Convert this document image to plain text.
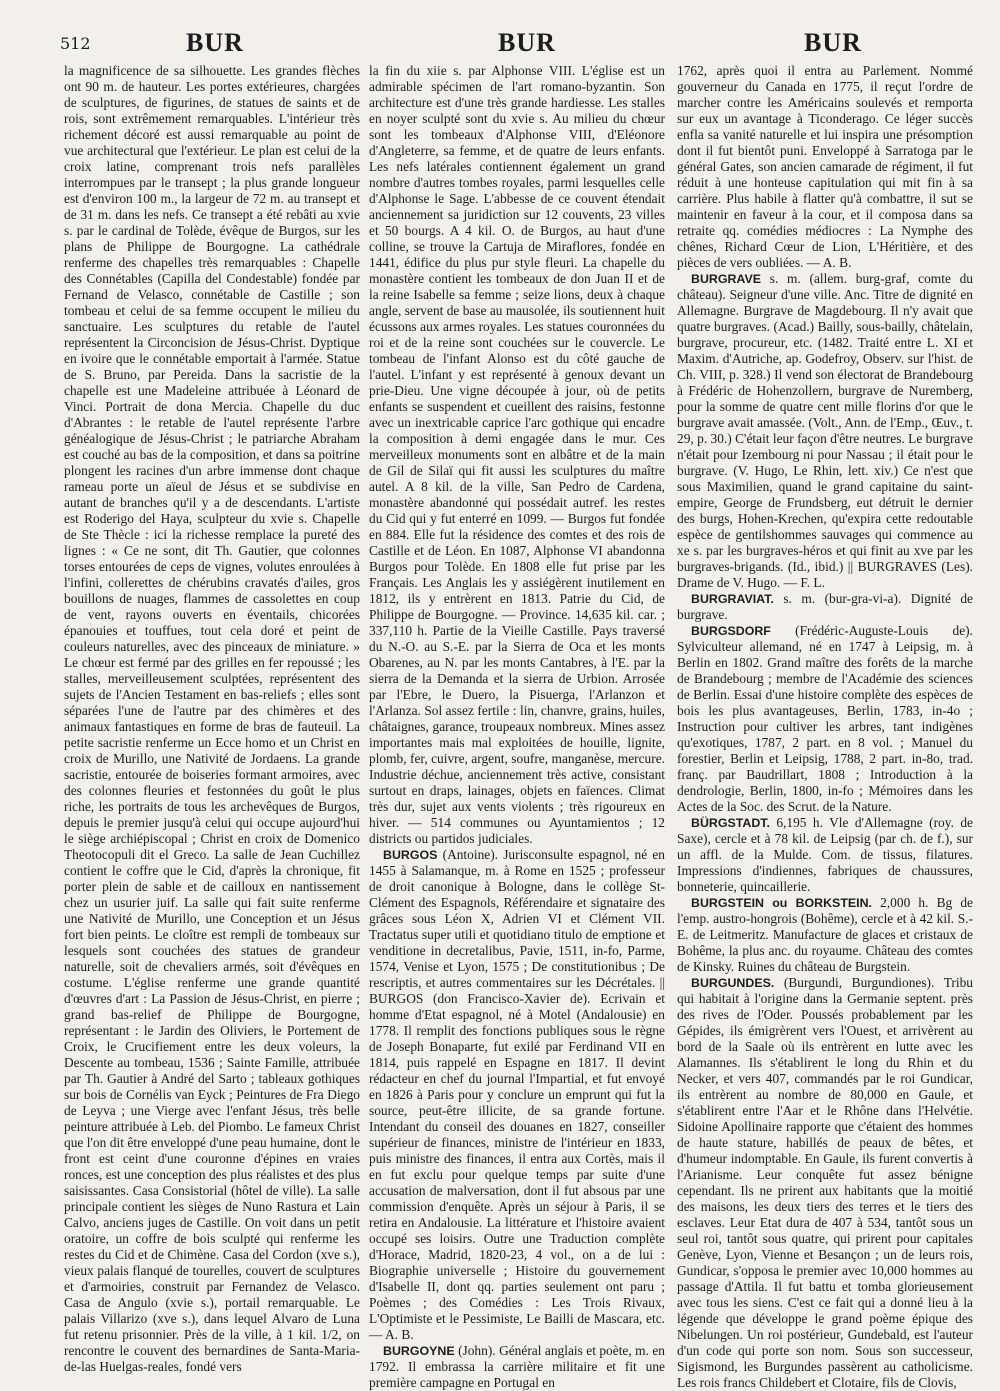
512	BUR	BUR	BUR

la magnificence de sa silhouette. Les grandes flèches ont 90 m. de hauteur. Les portes extérieures, chargées de sculptures, de figurines, de statues de saints et de rois, sont extrêmement remarquables. L'intérieur très richement décoré est aussi remarquable au point de vue architectural que l'extérieur. Le plan est celui de la croix latine, comprenant trois nefs parallèles interrompues par le transept ; la plus grande longueur est d'environ 100 m., la largeur de 72 m. au transept et de 31 m. dans les nefs. Ce transept a été rebâti au xvie s. par le cardinal de Tolède, évêque de Burgos, sur les plans de Philippe de Bourgogne. La cathédrale renferme des chapelles très remarquables : Chapelle des Connétables (Capilla del Condestable) fondée par Fernand de Velasco, connétable de Castille ; son tombeau et celui de sa femme occupent le milieu du sanctuaire. Les sculptures du retable de l'autel représentent la Circoncision de Jésus-Christ. Dyptique en ivoire que le connétable emportait à l'armée. Statue de S. Bruno, par Pereida. Dans la sacristie de la chapelle est une Madeleine attribuée à Léonard de Vinci. Portrait de dona Mercia. Chapelle du duc d'Abrantes : le retable de l'autel représente l'arbre généalogique de Jésus-Christ ; le patriarche Abraham est couché au bas de la composition, et dans sa poitrine plongent les racines d'un arbre immense dont chaque rameau porte un aïeul de Jésus et se subdivise en autant de branches qu'il y a de descendants. L'artiste est Roderigo del Haya, sculpteur du xvie s. Chapelle de Ste Thècle : ici la richesse remplace la pureté des lignes : « Ce ne sont, dit Th. Gautier, que colonnes torses entourées de ceps de vignes, volutes enroulées à l'infini, collerettes de chérubins cravatés d'ailes, gros bouillons de nuages, flammes de cassolettes en coup de vent, rayons ouverts en éventails, chicorées épanouies et touffues, tout cela doré et peint de couleurs naturelles, avec des pinceaux de miniature. » Le chœur est fermé par des grilles en fer repoussé ; les stalles, merveilleusement sculptées, représentent des sujets de l'Ancien Testament en bas-reliefs ; elles sont séparées l'une de l'autre par des chimères et des animaux fantastiques en forme de bras de fauteuil. La petite sacristie renferme un Ecce homo et un Christ en croix de Murillo, une Nativité de Jordaens. La grande sacristie, entourée de boiseries formant armoires, avec des colonnes fleuries et festonnées du goût le plus riche, les portraits de tous les archevêques de Burgos, depuis le premier jusqu'à celui qui occupe aujourd'hui le siège archiépiscopal ; Christ en croix de Domenico Theotocopuli dit el Greco. La salle de Jean Cuchillez contient le coffre que le Cid, d'après la chronique, fit porter plein de sable et de cailloux en nantissement chez un usurier juif. La salle qui fait suite renferme une Nativité de Murillo, une Conception et un Jésus fort bien peints. Le cloître est rempli de tombeaux sur lesquels sont couchées des statues de grandeur naturelle, soit de chevaliers armés, soit d'évêques en costume. L'église renferme une grande quantité d'œuvres d'art : La Passion de Jésus-Christ, en pierre ; grand bas-relief de Philippe de Bourgogne, représentant : le Jardin des Oliviers, le Portement de Croix, le Crucifiement entre les deux voleurs, la Descente au tombeau, 1536 ; Sainte Famille, attribuée par Th. Gautier à André del Sarto ; tableaux gothiques sur bois de Cornélis van Eyck ; Peintures de Fra Diego de Leyva ; une Vierge avec l'enfant Jésus, très belle peinture attribuée à Leb. del Piombo. Le fameux Christ que l'on dit être enveloppé d'une peau humaine, dont le front est ceint d'une couronne d'épines en vraies ronces, est une conception des plus réalistes et des plus saisissantes. Casa Consistorial (hôtel de ville). La salle principale contient les sièges de Nuno Rastura et Lain Calvo, anciens juges de Castille. On voit dans un petit oratoire, un coffre de bois sculpté qui renferme les restes du Cid et de Chimène. Casa del Cordon (xve s.), vieux palais flanqué de tourelles, couvert de sculptures et d'armoiries, construit par Fernandez de Velasco. Casa de Angulo (xvie s.), portail remarquable. Le palais Villarizo (xve s.), dans lequel Alvaro de Luna fut retenu prisonnier. Près de la ville, à 1 kil. 1/2, on rencontre le couvent des bernardines de Santa-Maria-de-las Huelgas-reales, fondé vers

la fin du xiie s. par Alphonse VIII. L'église est un admirable spécimen de l'art romano-byzantin. Son architecture est d'une très grande hardiesse. Les stalles en noyer sculpté sont du xvie s. Au milieu du chœur sont les tombeaux d'Alphonse VIII, d'Eléonore d'Angleterre, sa femme, et de quatre de leurs enfants. Les nefs latérales contiennent également un grand nombre d'autres tombes royales, parmi lesquelles celle d'Alphonse le Sage. L'abbesse de ce couvent étendait anciennement sa juridiction sur 12 couvents, 23 villes et 50 bourgs. A 4 kil. O. de Burgos, au haut d'une colline, se trouve la Cartuja de Miraflores, fondée en 1441, édifice du plus pur style fleuri. La chapelle du monastère contient les tombeaux de don Juan II et de la reine Isabelle sa femme ; seize lions, deux à chaque angle, servent de base au mausolée, ils soutiennent huit écussons aux armes royales. Les statues couronnées du roi et de la reine sont couchées sur le couvercle. Le tombeau de l'infant Alonso est du côté gauche de l'autel. L'infant y est représenté à genoux devant un prie-Dieu. Une vigne découpée à jour, où de petits enfants se suspendent et cueillent des raisins, festonne avec un inextricable caprice l'arc gothique qui encadre la composition à demi engagée dans le mur. Ces merveilleux monuments sont en albâtre et de la main de Gil de Silaï qui fit aussi les sculptures du maître autel. A 8 kil. de la ville, San Pedro de Cardena, monastère abandonné qui possédait autref. les restes du Cid qui y fut enterré en 1099. — Burgos fut fondée en 884. Elle fut la résidence des comtes et des rois de Castille et de Léon. En 1087, Alphonse VI abandonna Burgos pour Tolède. En 1808 elle fut prise par les Français. Les Anglais les y assiégèrent inutilement en 1812, ils y entrèrent en 1813. Patrie du Cid, de Philippe de Bourgogne. — Province. 14,635 kil. car. ; 337,110 h. Partie de la Vieille Castille. Pays traversé du N.-O. au S.-E. par la Sierra de Oca et les monts Obarenes, au N. par les monts Cantabres, à l'E. par la sierra de la Demanda et la sierra de Urbion. Arrosée par l'Ebre, le Duero, la Pisuerga, l'Arlanzon et l'Arlanza. Sol assez fertile : lin, chanvre, grains, huiles, châtaignes, garance, troupeaux nombreux. Mines assez importantes mais mal exploitées de houille, lignite, plomb, fer, cuivre, argent, soufre, manganèse, mercure. Industrie déchue, anciennement très active, consistant surtout en draps, lainages, objets en faïences. Climat très dur, sujet aux vents violents ; très rigoureux en hiver. — 514 communes ou Ayuntamientos ; 12 districts ou partidos judiciales.

BURGOS (Antoine). Jurisconsulte espagnol, né en 1455 à Salamanque, m. à Rome en 1525 ; professeur de droit canonique à Bologne, dans le collège St-Clément des Espagnols, Référendaire et signataire des grâces sous Léon X, Adrien VI et Clément VII. Tractatus super utili et quotidiano titulo de emptione et venditione in decretalibus, Pavie, 1511, in-fo, Parme, 1574, Venise et Lyon, 1575 ; De constitutionibus ; De rescriptis, et autres commentaires sur les Décrétales. || BURGOS (don Francisco-Xavier de). Ecrivain et homme d'Etat espagnol, né à Motel (Andalousie) en 1778. Il remplit des fonctions publiques sous le règne de Joseph Bonaparte, fut exilé par Ferdinand VII en 1814, puis rappelé en Espagne en 1817. Il devint rédacteur en chef du journal l'Impartial, et fut envoyé en 1826 à Paris pour y conclure un emprunt qui fut la source, peut-être illicite, de sa grande fortune. Intendant du conseil des douanes en 1827, conseiller supérieur de finances, ministre de l'intérieur en 1833, puis ministre des finances, il entra aux Cortès, mais il en fut exclu pour quelque temps par suite d'une accusation de malversation, dont il fut absous par une commission d'enquête. Après un séjour à Paris, il se retira en Andalousie. La littérature et l'histoire avaient occupé ses loisirs. Outre une Traduction complète d'Horace, Madrid, 1820-23, 4 vol., on a de lui : Biographie universelle ; Histoire du gouvernement d'Isabelle II, dont qq. parties seulement ont paru ; Poèmes ; des Comédies : Les Trois Rivaux, L'Optimiste et le Pessimiste, Le Bailli de Mascara, etc. — A. B.

BURGOYNE (John). Général anglais et poète, m. en 1792. Il embrassa la carrière militaire et fit une première campagne en Portugal en

1762, après quoi il entra au Parlement. Nommé gouverneur du Canada en 1775, il reçut l'ordre de marcher contre les Américains soulevés et remporta sur eux un avantage à Ticonderago. Ce léger succès enfla sa vanité naturelle et lui inspira une présomption dont il fut bientôt puni. Enveloppé à Sarratoga par le général Gates, son ancien camarade de régiment, il fut réduit à une honteuse capitulation qui mit fin à sa carrière. Plus habile à flatter qu'à combattre, il sut se maintenir en faveur à la cour, et il composa dans sa retraite qq. comédies médiocres : La Nymphe des chênes, Richard Cœur de Lion, L'Héritière, et des pièces de vers oubliées. — A. B.

BURGRAVE s. m. (allem. burg-graf, comte du château). Seigneur d'une ville. Anc. Titre de dignité en Allemagne. Burgrave de Magdebourg. Il n'y avait que quatre burgraves. (Acad.) Bailly, sous-bailly, châtelain, burgrave, procureur, etc. (1482. Traité entre L. XI et Maxim. d'Autriche, ap. Godefroy, Observ. sur l'hist. de Ch. VIII, p. 328.) Il vend son électorat de Brandebourg à Frédéric de Hohenzollern, burgrave de Nuremberg, pour la somme de quatre cent mille florins d'or que le burgrave avait amassée. (Volt., Ann. de l'Emp., Œuv., t. 29, p. 30.) C'était leur façon d'être neutres. Le burgrave n'était pour Izembourg ni pour Nassau ; il était pour le burgrave. (V. Hugo, Le Rhin, lett. xiv.) Ce n'est que sous Maximilien, quand le grand capitaine du saint-empire, George de Frundsberg, eut détruit le dernier des burgs, Hohen-Krechen, qu'expira cette redoutable espèce de gentilshommes sauvages qui commence au xe s. par les burgraves-héros et qui finit au xve par les burgraves-brigands. (Id., ibid.) || BURGRAVES (Les). Drame de V. Hugo. — F. L.

BURGRAVIAT. s. m. (bur-gra-vi-a). Dignité de burgrave.

BURGSDORF (Frédéric-Auguste-Louis de). Sylviculteur allemand, né en 1747 à Leipsig, m. à Berlin en 1802. Grand maître des forêts de la marche de Brandebourg ; membre de l'Académie des sciences de Berlin. Essai d'une histoire complète des espèces de bois les plus avantageuses, Berlin, 1783, in-4o ; Instruction pour cultiver les arbres, tant indigènes qu'exotiques, 1787, 2 part. en 8 vol. ; Manuel du forestier, Berlin et Leipsig, 1788, 2 part. in-8o, trad. franç. par Baudrillart, 1808 ; Introduction à la dendrologie, Berlin, 1800, in-fo ; Mémoires dans les Actes de la Soc. des Scrut. de la Nature.

BÜRGSTADT. 6,195 h. Vle d'Allemagne (roy. de Saxe), cercle et à 78 kil. de Leipsig (par ch. de f.), sur un affl. de la Mulde. Com. de tissus, filatures. Impressions d'indiennes, fabriques de chaussures, bonneterie, quincaillerie.

BURGSTEIN ou BORKSTEIN. 2,000 h. Bg de l'emp. austro-hongrois (Bohême), cercle et à 42 kil. S.-E. de Leitmeritz. Manufacture de glaces et cristaux de Bohême, la plus anc. du royaume. Château des comtes de Kinsky. Ruines du château de Burgstein.

BURGUNDES. (Burgundi, Burgundiones). Tribu qui habitait à l'origine dans la Germanie septent. près des rives de l'Oder. Poussés probablement par les Gépides, ils émigrèrent vers l'Ouest, et arrivèrent au bord de la Saale où ils entrèrent en lutte avec les Alamannes. Ils s'établirent le long du Rhin et du Necker, et vers 407, commandés par le roi Gundicar, ils entrèrent au nombre de 80,000 en Gaule, et s'établirent entre l'Aar et le Rhône dans l'Helvétie. Sidoine Apollinaire rapporte que c'étaient des hommes de haute stature, habillés de peaux de bêtes, et d'humeur indomptable. En Gaule, ils furent convertis à l'Arianisme. Leur conquête fut assez bénigne cependant. Ils ne prirent aux habitants que la moitié des maisons, les deux tiers des terres et le tiers des esclaves. Leur Etat dura de 407 à 534, tantôt sous un seul roi, tantôt sous quatre, qui prirent pour capitales Genève, Lyon, Vienne et Besançon ; un de leurs rois, Gundicar, s'opposa le premier avec 10,000 hommes au passage d'Attila. Il fut battu et tomba glorieusement avec tous les siens. C'est ce fait qui a donné lieu à la légende que développe le grand poème épique des Nibelungen. Un roi postérieur, Gundebald, est l'auteur d'un code qui porte son nom. Sous son successeur, Sigismond, les Burgundes passèrent au catholicisme. Les rois francs Childebert et Clotaire, fils de Clovis,
